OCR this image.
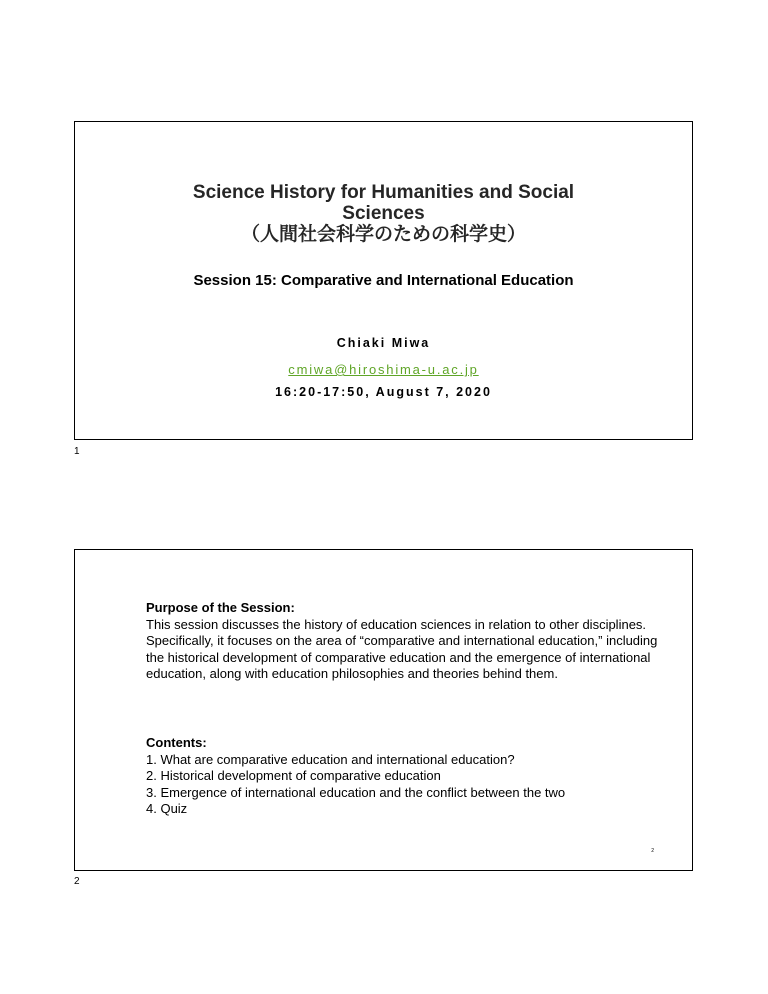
Science History for Humanities and Social
Sciences
（人間社会科学のための科学史）
Session 15: Comparative and International Education
Chiaki Miwa
cmiwa@hiroshima-u.ac.jp
16:20-17:50, August 7, 2020
1
Purpose of the Session:
This session discusses the history of education sciences in relation to other disciplines. Specifically, it focuses on the area of “comparative and international education,” including the historical development of comparative education and the emergence of international education, along with education philosophies and theories behind them.
Contents:
1. What are comparative education and international education?
2. Historical development of comparative education
3. Emergence of international education and the conflict between the two
4. Quiz
2
2
